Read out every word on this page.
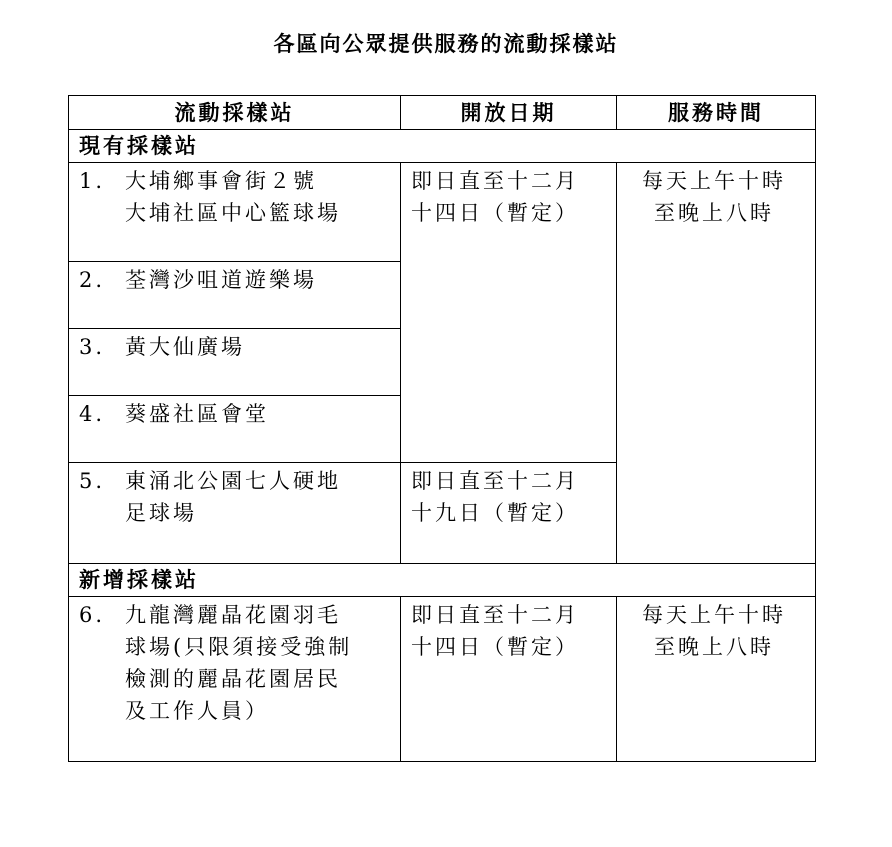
各區向公眾提供服務的流動採樣站
流動採樣站	開放日期	服務時間
現有採樣站		

1. 大埔鄉事會街２號
大埔社區中心籃球場	即日直至十二月
十四日（暫定）	每天上午十時
至晚上八時

2. 荃灣沙咀道遊樂場		

3. 黃大仙廣場		

4. 葵盛社區會堂		

5. 東涌北公園七人硬地
足球場	即日直至十二月
十九日（暫定）	

新增採樣站		

6. 九龍灣麗晶花園羽毛
球場(只限須接受強制
檢測的麗晶花園居民
及工作人員）	即日直至十二月
十四日（暫定）	每天上午十時
至晚上八時
